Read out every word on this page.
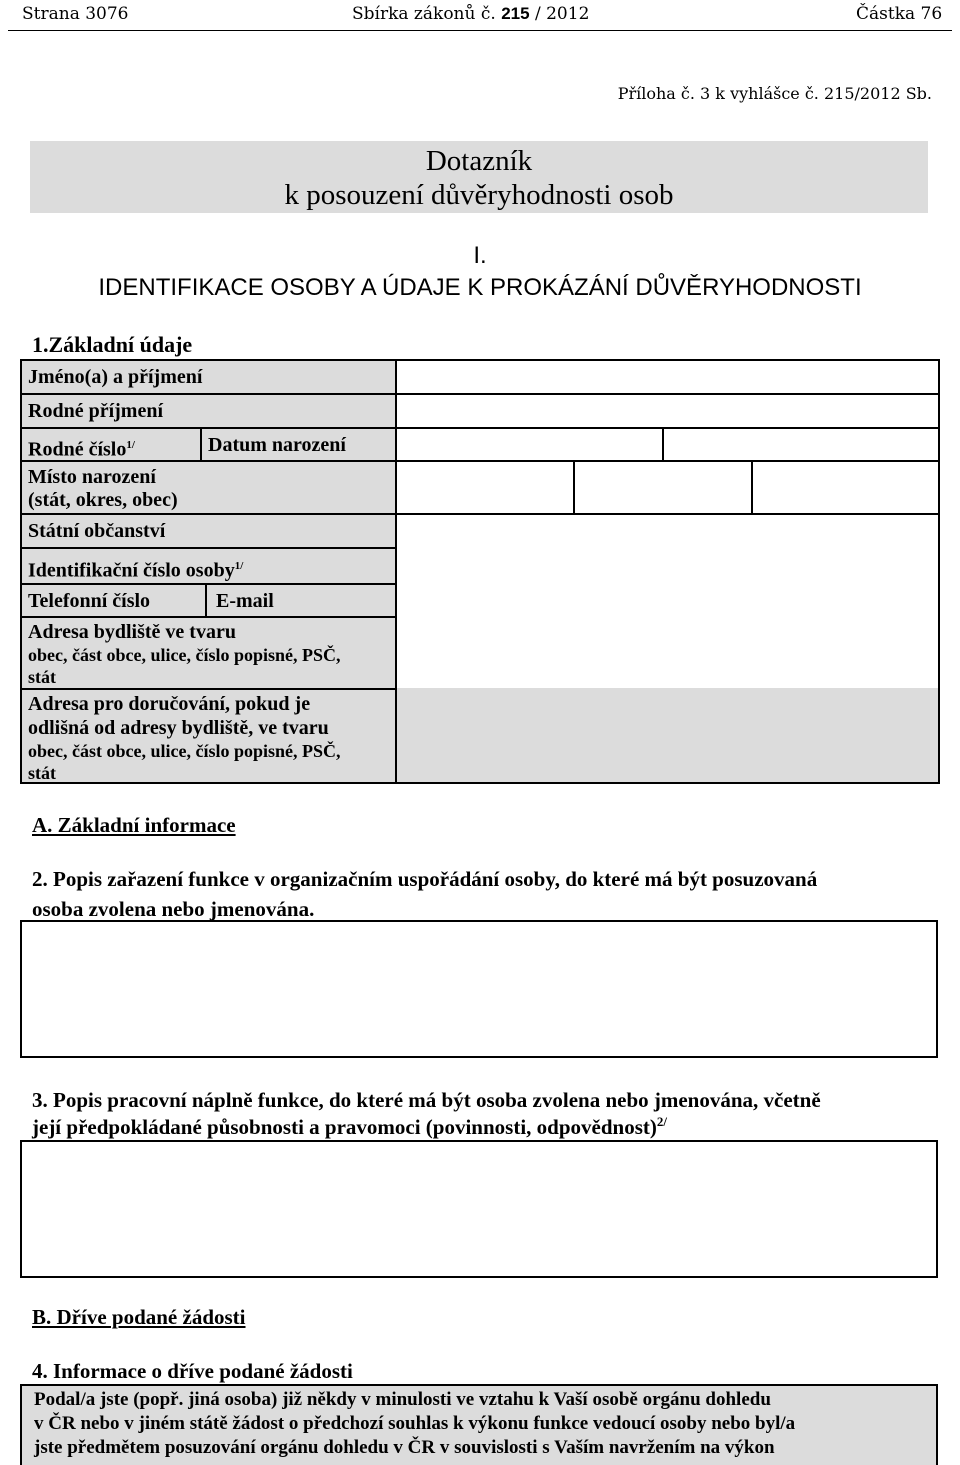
Strana 3076	Sbírka zákonů č. 215 / 2012	Částka 76
Příloha č. 3 k vyhlášce č. 215/2012 Sb.
Dotazník
k posouzení důvěryhodnosti osob
I.
IDENTIFIKACE OSOBY A ÚDAJE K PROKÁZÁNÍ DŮVĚRYHODNOSTI
1.Základní údaje
Jméno(a) a příjmení
Rodné příjmení
Rodné číslo$^{1/}$	Datum narození
Místo narození
(stát, okres, obec)
Státní občanství
Identifikační číslo osoby$^{1/}$
Telefonní číslo	E-mail
Adresa bydliště ve tvaru
obec, část obce, ulice, číslo popisné, PSČ,
stát
Adresa pro doručování, pokud je
odlišná od adresy bydliště, ve tvaru
obec, část obce, ulice, číslo popisné, PSČ,
stát
A. Základní informace
2. Popis zařazení funkce v organizačním uspořádání osoby, do které má být posuzovaná
osoba zvolena nebo jmenována.
3. Popis pracovní náplně funkce, do které má být osoba zvolena nebo jmenována, včetně
její předpokládané působnosti a pravomoci (povinnosti, odpovědnost)$^{2/}$
B. Dříve podané žádosti
4. Informace o dříve podané žádosti
Podal/a jste (popř. jiná osoba) již někdy v minulosti ve vztahu k Vaší osobě orgánu dohledu
v ČR nebo v jiném státě žádost o předchozí souhlas k výkonu funkce vedoucí osoby nebo byl/a
jste předmětem posuzování orgánu dohledu v ČR v souvislosti s Vaším navržením na výkon
